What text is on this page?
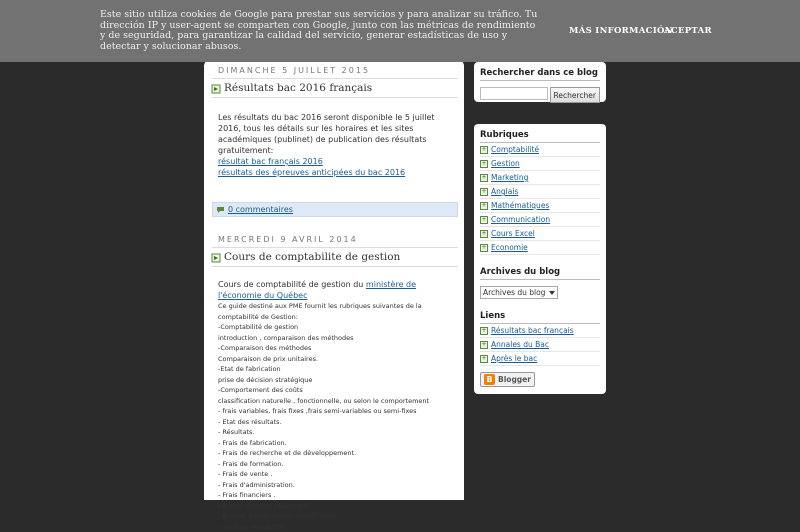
DIMANCHE 5 JUILLET 2015
Résultats bac 2016 français
Les résultats du bac 2016 seront disponible le 5 juillet 2016, tous les détails sur les horaires et les sites académiques (publinet) de publication des résultats gratuitement:
résultat bac français 2016
résultats des épreuves anticipées du bac 2016
0 commentaires
MERCREDI 9 AVRIL 2014
Cours de comptabilite de gestion
Cours de comptabilité de gestion du ministère de l'économie du Québec
Ce guide destiné aux PME fournit les rubriques suivantes de la
comptabilité de Gestion:
-Comptabilité de gestion
introduction , comparaison des méthodes
-Comparaison des méthodes
Comparaison de prix unitaires.
-Etat de fabrication
prise de décision stratégique
-Comportement des coûts
classification naturelle , fonctionnelle, ou selon le comportement
- frais variables, frais fixes ,frais semi-variables ou semi-fixes
- Etat des résultats.
- Résultats.
- Frais de fabrication.
- Frais de recherche et de développement.
- Frais de formation.
- Frais de vente .
- Frais d'administration.
- Frais financiers .
- Autres revenus (dépenses).
- Budget d'exploitation, planification
- Seuil de rentabilité.
Rechercher dans ce blog
Rechercher
Rubriques
+ Comptabilité
+ Gestion
+ Marketing
+ Anglais
+ Mathématiques
+ Communication
+ Cours Excel
+ Economie
Archives du blog
Archives du blog
Liens
+ Résultats bac français
+ Annales du Bac
+ Après le bac
B Blogger
Este sitio utiliza cookies de Google para prestar sus servicios y para analizar su tráfico. Tu dirección IP y user-agent se comparten con Google, junto con las métricas de rendimiento y de seguridad, para garantizar la calidad del servicio, generar estadísticas de uso y detectar y solucionar abusos.
MÁS INFORMACIÓN
ACEPTAR
